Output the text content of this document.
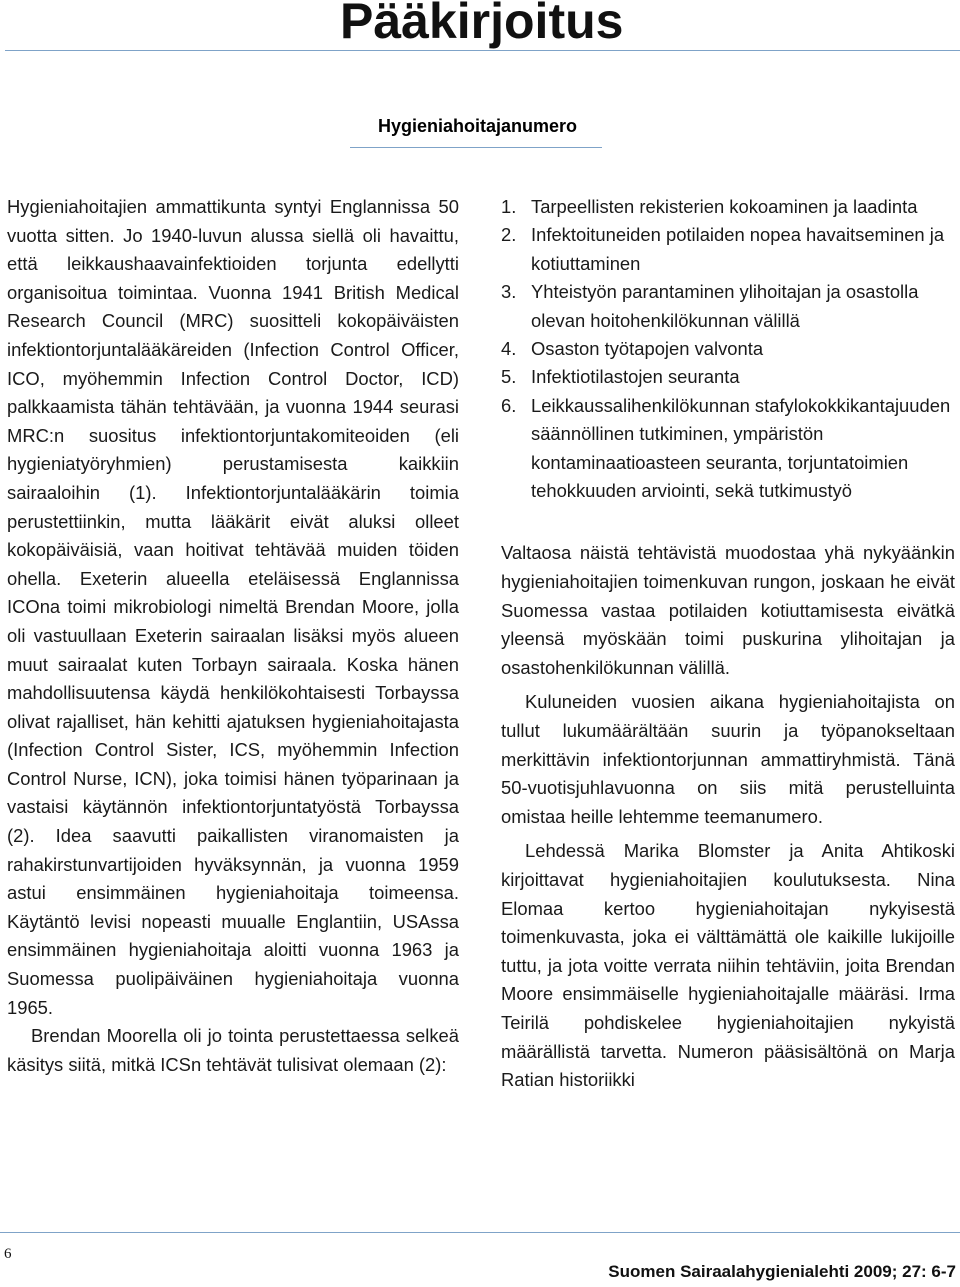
Pääkirjoitus
Hygieniahoitajanumero

Hygieniahoitajien ammattikunta syntyi Englannissa 50 vuotta sitten. Jo 1940-luvun alussa siellä oli havaittu, että leikkaushaavainfektioiden torjunta edellytti organisoitua toimintaa. Vuonna 1941 British Medical Research Council (MRC) suositteli kokopäiväisten infektiontorjuntalääkäreiden (Infection Control Officer, ICO, myöhemmin Infection Control Doctor, ICD) palkkaamista tähän tehtävään, ja vuonna 1944 seurasi MRC:n suositus infektiontorjuntakomiteoiden (eli hygieniatyöryhmien) perustamisesta kaikkiin sairaaloihin (1). Infektiontorjuntalääkärin toimia perustettiinkin, mutta lääkärit eivät aluksi olleet kokopäiväisiä, vaan hoitivat tehtävää muiden töiden ohella. Exeterin alueella eteläisessä Englannissa ICOna toimi mikrobiologi nimeltä Brendan Moore, jolla oli vastuullaan Exeterin sairaalan lisäksi myös alueen muut sairaalat kuten Torbayn sairaala. Koska hänen mahdollisuutensa käydä henkilökohtaisesti Torbayssa olivat rajalliset, hän kehitti ajatuksen hygieniahoitajasta (Infection Control Sister, ICS, myöhemmin Infection Control Nurse, ICN), joka toimisi hänen työparinaan ja vastaisi käytännön infektiontorjuntatyöstä Torbayssa (2). Idea saavutti paikallisten viranomaisten ja rahakirstunvartijoiden hyväksynnän, ja vuonna 1959 astui ensimmäinen hygieniahoitaja toimeensa. Käytäntö levisi nopeasti muualle Englantiin, USAssa ensimmäinen hygieniahoitaja aloitti vuonna 1963 ja Suomessa puolipäiväinen hygieniahoitaja vuonna 1965.

Brendan Moorella oli jo tointa perustettaessa selkeä käsitys siitä, mitkä ICSn tehtävät tulisivat olemaan (2):

1. Tarpeellisten rekisterien kokoaminen ja laadinta
2. Infektoituneiden potilaiden nopea havaitseminen ja kotiuttaminen
3. Yhteistyön parantaminen ylihoitajan ja osastolla olevan hoitohenkilökunnan välillä
4. Osaston työtapojen valvonta
5. Infektiotilastojen seuranta
6. Leikkaussalihenkilökunnan stafylokokkikantajuuden säännöllinen tutkiminen, ympäristön kontaminaatioasteen seuranta, torjuntatoimien tehokkuuden arviointi, sekä tutkimustyö

Valtaosa näistä tehtävistä muodostaa yhä nykyäänkin hygieniahoitajien toimenkuvan rungon, joskaan he eivät Suomessa vastaa potilaiden kotiuttamisesta eivätkä yleensä myöskään toimi puskurina ylihoitajan ja osastohenkilökunnan välillä.

Kuluneiden vuosien aikana hygieniahoitajista on tullut lukumäärältään suurin ja työpanokseltaan merkittävin infektiontorjunnan ammattiryhmistä. Tänä 50-vuotisjuhlavuonna on siis mitä perustelluinta omistaa heille lehtemme teemanumero.

Lehdessä Marika Blomster ja Anita Ahtikoski kirjoittavat hygieniahoitajien koulutuksesta. Nina Elomaa kertoo hygieniahoitajan nykyisestä toimenkuvasta, joka ei välttämättä ole kaikille lukijoille tuttu, ja jota voitte verrata niihin tehtäviin, joita Brendan Moore ensimmäiselle hygieniahoitajalle määräsi. Irma Teirilä pohdiskelee hygieniahoitajien nykyistä määrällistä tarvetta. Numeron pääsisältönä on Marja Ratian historiikki

6
Suomen Sairaalahygienialehti 2009; 27: 6-7
